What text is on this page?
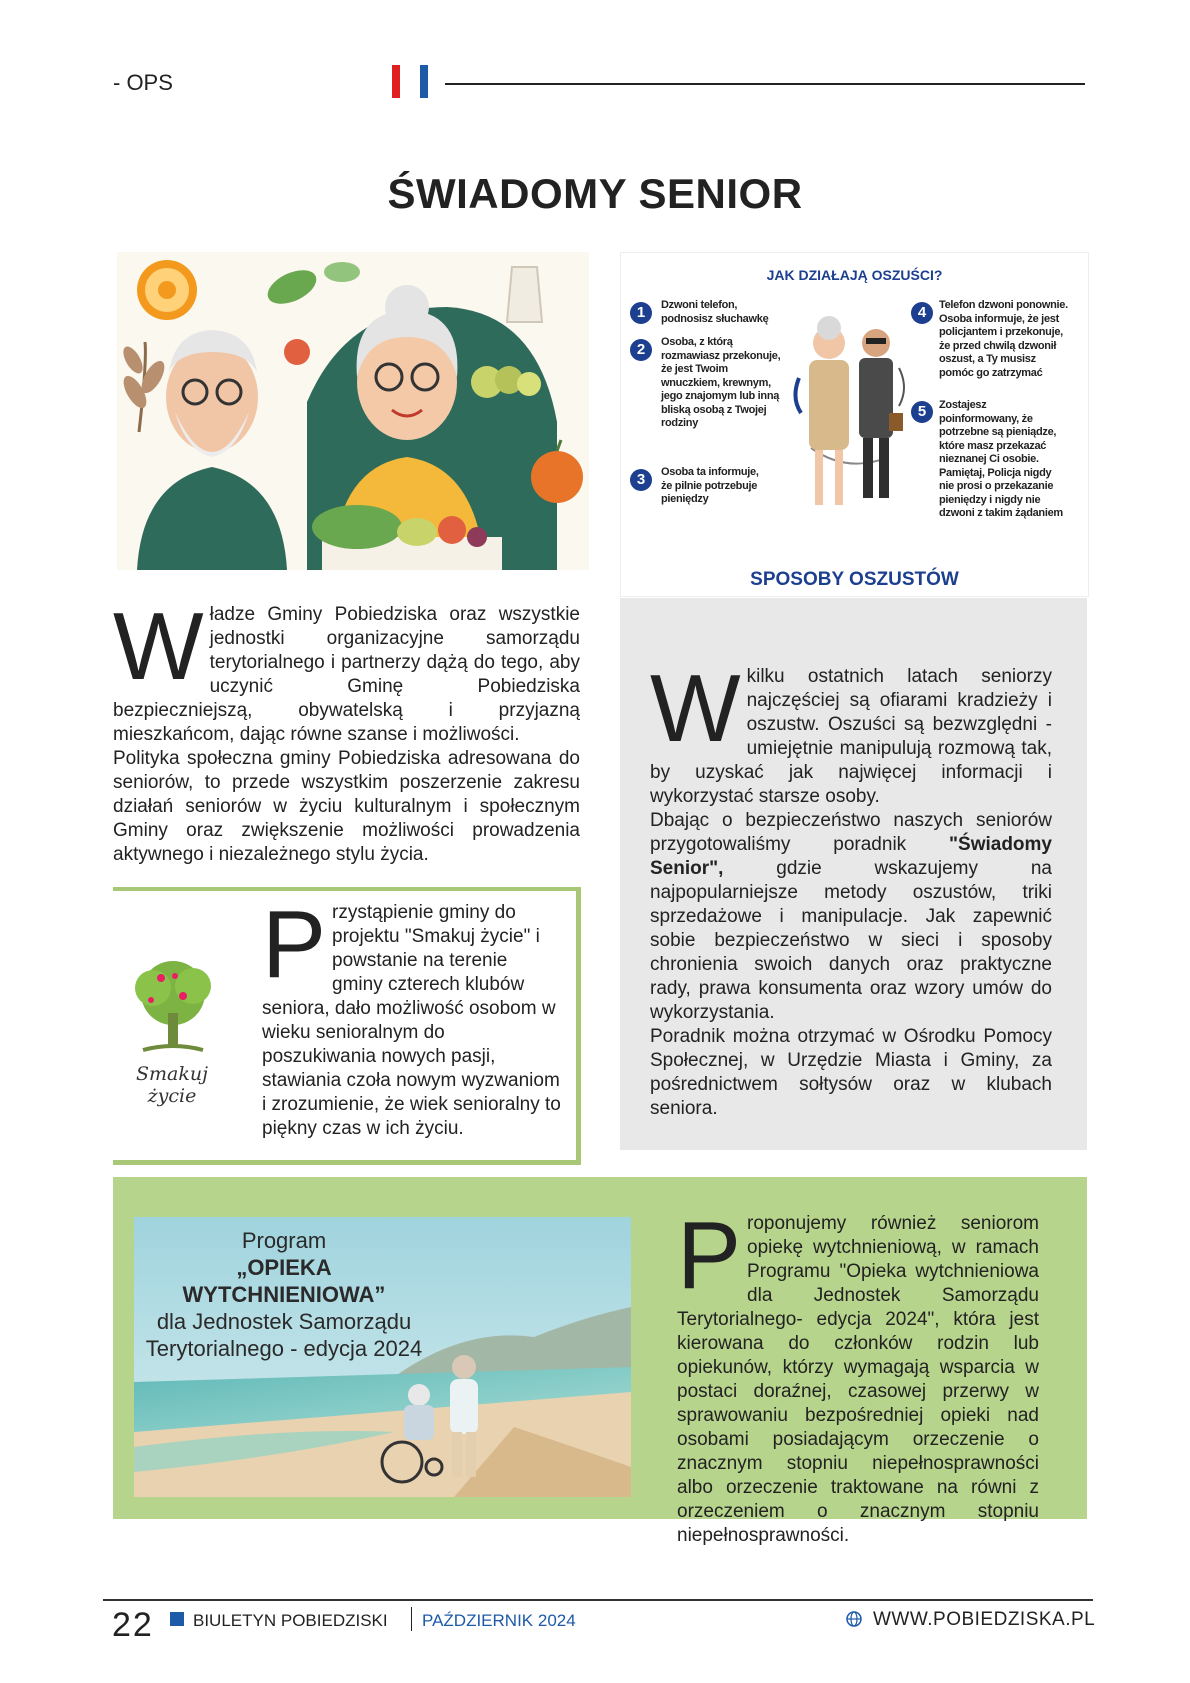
- OPS
ŚWIADOMY SENIOR
JAK DZIAŁAJĄ OSZUŚCI?
1	Dzwoni telefon, podnosisz słuchawkę
2	Osoba, z którą rozmawiasz przekonuje, że jest Twoim wnuczkiem, krewnym, jego znajomym lub inną bliską osobą z Twojej rodziny
3	Osoba ta informuje, że pilnie potrzebuje pieniędzy
4	Telefon dzwoni ponownie. Osoba informuje, że jest policjantem i przekonuje, że przed chwilą dzwonił oszust, a Ty musisz pomóc go zatrzymać
5	Zostajesz poinformowany, że potrzebne są pieniądze, które masz przekazać nieznanej Ci osobie. Pamiętaj, Policja nigdy nie prosi o przekazanie pieniędzy i nigdy nie dzwoni z takim żądaniem
SPOSOBY OSZUSTÓW
W ładze Gminy Pobiedziska oraz wszystkie jednostki organizacyjne samorządu terytorialnego i partnerzy dążą do tego, aby uczynić Gminę Pobiedziska bezpieczniejszą, obywatelską i przyjazną mieszkańcom, dając równe szanse i możliwości.

Polityka społeczna gminy Pobiedziska adresowana do seniorów, to przede wszystkim poszerzenie zakresu działań seniorów w życiu kulturalnym i społecznym Gminy oraz zwiększenie możliwości prowadzenia aktywnego i niezależnego stylu życia.

W kilku ostatnich latach seniorzy najczęściej są ofiarami kradzieży i oszustw. Oszuści są bezwzględni - umiejętnie manipulują rozmową tak, by uzyskać jak najwięcej informacji i wykorzystać starsze osoby.

Dbając o bezpieczeństwo naszych seniorów przygotowaliśmy poradnik "Świadomy Senior", gdzie wskazujemy na najpopularniejsze metody oszustów, triki sprzedażowe i manipulacje. Jak zapewnić sobie bezpieczeństwo w sieci i sposoby chronienia swoich danych oraz praktyczne rady, prawa konsumenta oraz wzory umów do wykorzystania.

Poradnik można otrzymać w Ośrodku Pomocy Społecznej, w Urzędzie Miasta i Gminy, za pośrednictwem sołtysów oraz w klubach seniora.

Smakuj życie
P rzystąpienie gminy do projektu "Smakuj życie" i powstanie na terenie gminy czterech klubów seniora, dało możliwość osobom w wieku senioralnym do poszukiwania nowych pasji, stawiania czoła nowym wyzwaniom i zrozumienie, że wiek senioralny to piękny czas w ich życiu.

Program
„OPIEKA WYTCHNIENIOWA”
dla Jednostek Samorządu
Terytorialnego - edycja 2024
P roponujemy również seniorom opiekę wytchnieniową, w ramach Programu "Opieka wytchnieniowa dla Jednostek Samorządu Terytorialnego- edycja 2024", która jest kierowana do członków rodzin lub opiekunów, którzy wymagają wsparcia w postaci doraźnej, czasowej przerwy w sprawowaniu bezpośredniej opieki nad osobami posiadającym orzeczenie o znacznym stopniu niepełnosprawności albo orzeczenie traktowane na równi z orzeczeniem o znacznym stopniu niepełnosprawności.

22 BIULETYN POBIEDZISKI PAŹDZIERNIK 2024	WWW.POBIEDZISKA.PL
